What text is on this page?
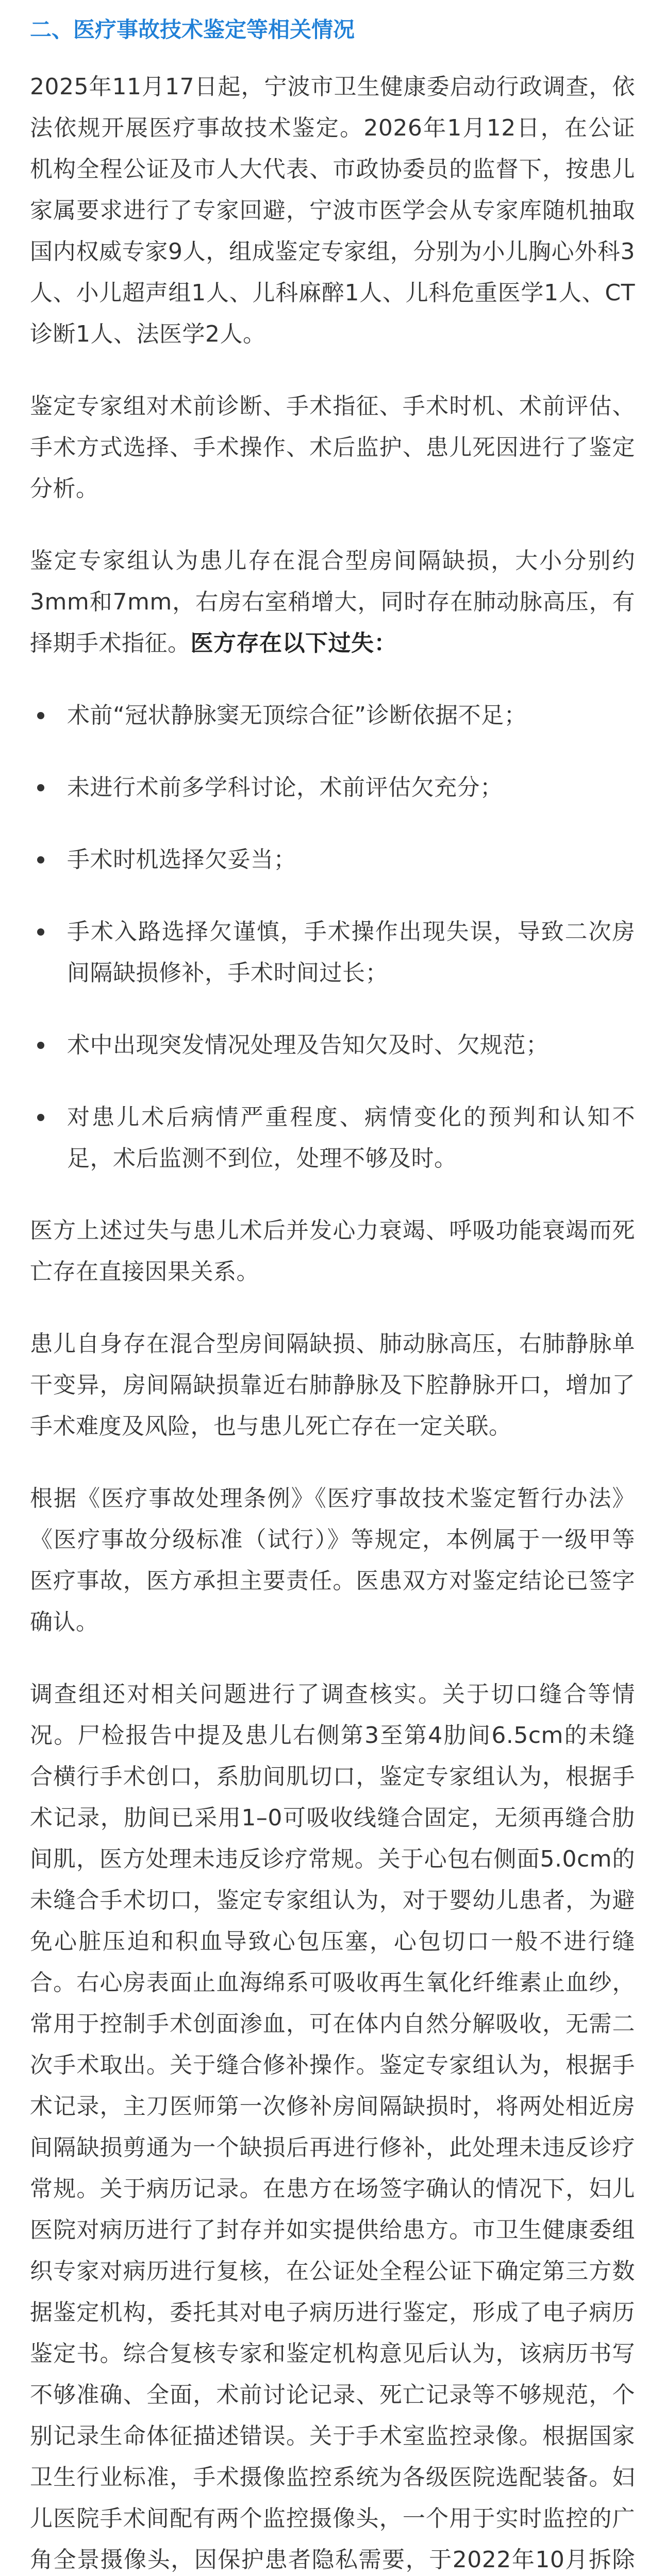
二、医疗事故技术鉴定等相关情况

2025年11月17日起，宁波市卫生健康委启动行政调查，依法依规开展医疗事故技术鉴定。2026年1月12日，在公证机构全程公证及市人大代表、市政协委员的监督下，按患儿家属要求进行了专家回避，宁波市医学会从专家库随机抽取国内权威专家9人，组成鉴定专家组，分别为小儿胸心外科3人、小儿超声组1人、儿科麻醉1人、儿科危重医学1人、CT诊断1人、法医学2人。

鉴定专家组对术前诊断、手术指征、手术时机、术前评估、手术方式选择、手术操作、术后监护、患儿死因进行了鉴定分析。

鉴定专家组认为患儿存在混合型房间隔缺损，大小分别约3mm和7mm，右房右室稍增大，同时存在肺动脉高压，有择期手术指征。医方存在以下过失：

术前“冠状静脉窦无顶综合征”诊断依据不足；
未进行术前多学科讨论，术前评估欠充分；
手术时机选择欠妥当；
手术入路选择欠谨慎，手术操作出现失误，导致二次房间隔缺损修补，手术时间过长；
术中出现突发情况处理及告知欠及时、欠规范；
对患儿术后病情严重程度、病情变化的预判和认知不足，术后监测不到位，处理不够及时。

医方上述过失与患儿术后并发心力衰竭、呼吸功能衰竭而死亡存在直接因果关系。

患儿自身存在混合型房间隔缺损、肺动脉高压，右肺静脉单干变异，房间隔缺损靠近右肺静脉及下腔静脉开口，增加了手术难度及风险，也与患儿死亡存在一定关联。

根据《医疗事故处理条例》《医疗事故技术鉴定暂行办法》《医疗事故分级标准（试行）》等规定，本例属于一级甲等医疗事故，医方承担主要责任。医患双方对鉴定结论已签字确认。

调查组还对相关问题进行了调查核实。关于切口缝合等情况。尸检报告中提及患儿右侧第3至第4肋间6.5cm的未缝合横行手术创口，系肋间肌切口，鉴定专家组认为，根据手术记录，肋间已采用1–0可吸收线缝合固定，无须再缝合肋间肌，医方处理未违反诊疗常规。关于心包右侧面5.0cm的未缝合手术切口，鉴定专家组认为，对于婴幼儿患者，为避免心脏压迫和积血导致心包压塞，心包切口一般不进行缝合。右心房表面止血海绵系可吸收再生氧化纤维素止血纱，常用于控制手术创面渗血，可在体内自然分解吸收，无需二次手术取出。关于缝合修补操作。鉴定专家组认为，根据手术记录，主刀医师第一次修补房间隔缺损时，将两处相近房间隔缺损剪通为一个缺损后再进行修补，此处理未违反诊疗常规。关于病历记录。在患方在场签字确认的情况下，妇儿医院对病历进行了封存并如实提供给患方。市卫生健康委组织专家对病历进行复核，在公证处全程公证下确定第三方数据鉴定机构，委托其对电子病历进行鉴定，形成了电子病历鉴定书。综合复核专家和鉴定机构意见后认为，该病历书写不够准确、全面，术前讨论记录、死亡记录等不够规范，个别记录生命体征描述错误。关于手术室监控录像。根据国家卫生行业标准，手术摄像监控系统为各级医院选配装备。妇儿医院手术间配有两个监控摄像头，一个用于实时监控的广角全景摄像头，因保护患者隐私需要，于2022年10月拆除
